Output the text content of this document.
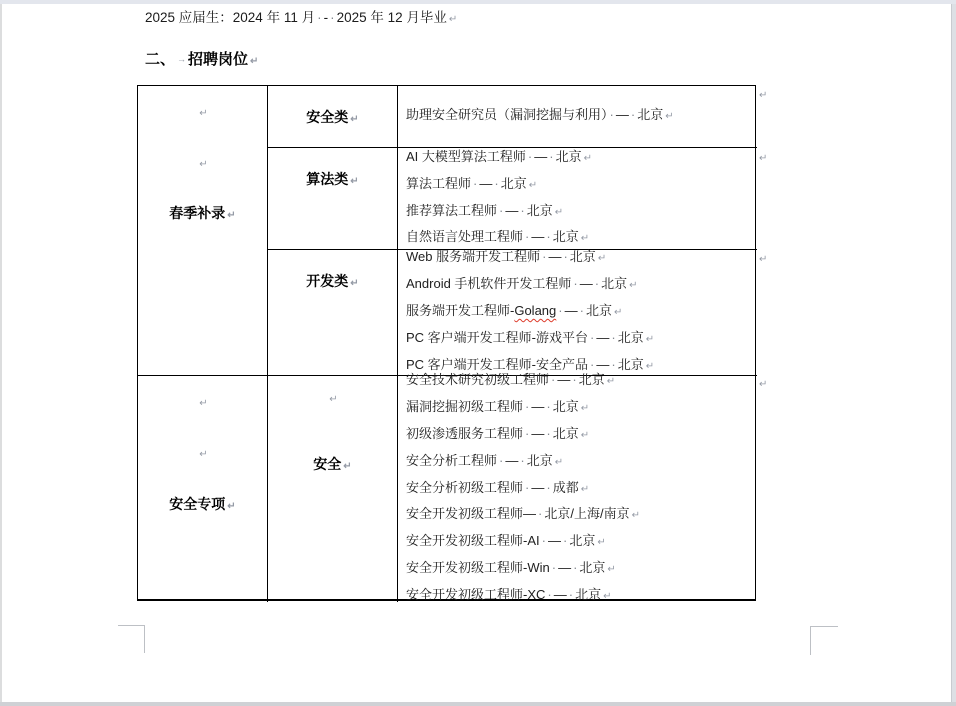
2025 应届生：2024 年 11 月 · - · 2025 年 12 月毕业 ↵
二、 → 招聘岗位 ↵
↵
↵
春季补录 ↵
安全类 ↵	助理安全研究员（漏洞挖掘与利用） · — · 北京 ↵
算法类 ↵
AI 大模型算法工程师 · — · 北京 ↵
算法工程师 · — · 北京 ↵
推荐算法工程师 · — · 北京 ↵
自然语言处理工程师 · — · 北京 ↵
开发类 ↵
Web 服务端开发工程师 · — · 北京 ↵
Android 手机软件开发工程师 · — · 北京 ↵
服务端开发工程师-Golang · — · 北京 ↵
PC 客户端开发工程师-游戏平台 · — · 北京 ↵
PC 客户端开发工程师-安全产品 · — · 北京 ↵
↵
↵
安全专项 ↵
↵
安全 ↵
安全技术研究初级工程师 · — · 北京 ↵
漏洞挖掘初级工程师 · — · 北京 ↵
初级渗透服务工程师 · — · 北京 ↵
安全分析工程师 · — · 北京 ↵
安全分析初级工程师 · — · 成都 ↵
安全开发初级工程师— · 北京/上海/南京 ↵
安全开发初级工程师-AI · — · 北京 ↵
安全开发初级工程师-Win · — · 北京 ↵
安全开发初级工程师-XC · — · 北京 ↵
↵
↵
↵
↵
